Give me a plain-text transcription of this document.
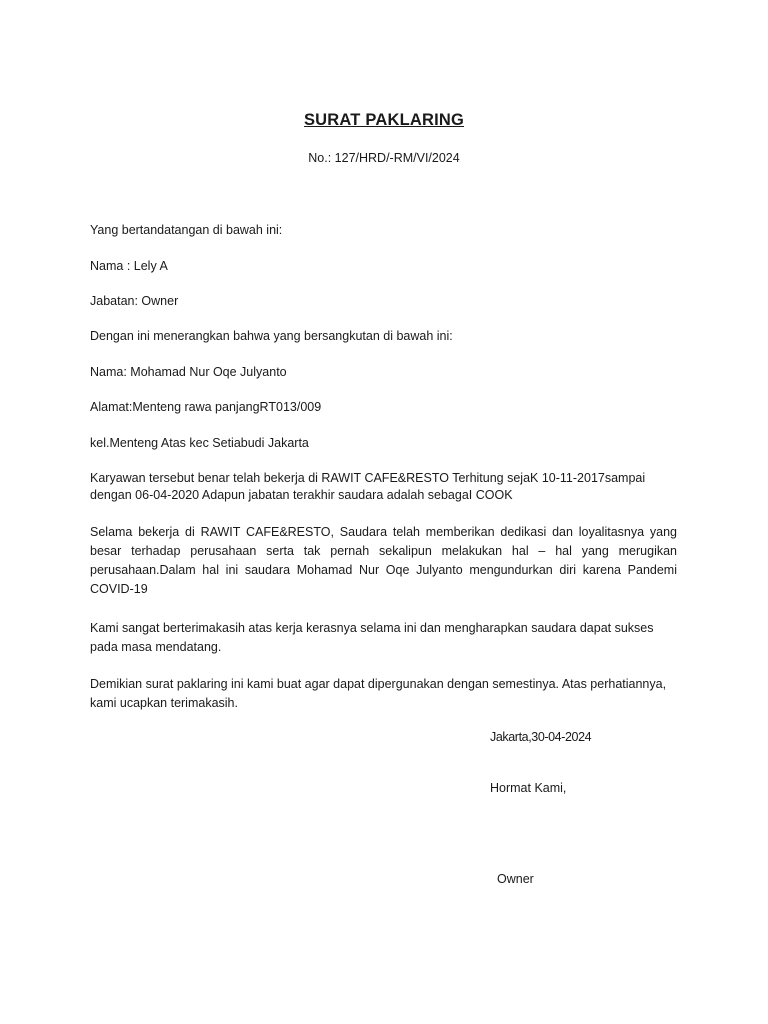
SURAT PAKLARING
No.: 127/HRD/-RM/VI/2024
Yang bertandatangan di bawah ini:
Nama : Lely A
Jabatan: Owner
Dengan ini menerangkan bahwa yang bersangkutan di bawah ini:
Nama: Mohamad Nur Oqe Julyanto
Alamat:Menteng rawa panjangRT013/009
kel.Menteng Atas kec Setiabudi Jakarta
Karyawan tersebut benar telah bekerja di RAWIT CAFE&RESTO Terhitung sejaK 10-11-2017sampai dengan 06-04-2020 Adapun jabatan terakhir saudara adalah sebagaI COOK
Selama bekerja di RAWIT CAFE&RESTO, Saudara telah memberikan dedikasi dan loyalitasnya yang besar terhadap perusahaan serta tak pernah sekalipun melakukan hal – hal yang merugikan perusahaan.Dalam hal ini saudara Mohamad Nur Oqe Julyanto mengundurkan diri karena Pandemi COVID-19
Kami sangat berterimakasih atas kerja kerasnya selama ini dan mengharapkan saudara dapat sukses pada masa mendatang.
Demikian surat paklaring ini kami buat agar dapat dipergunakan dengan semestinya. Atas perhatiannya, kami ucapkan terimakasih.
Jakarta,30-04-2024
Hormat Kami,
Owner
